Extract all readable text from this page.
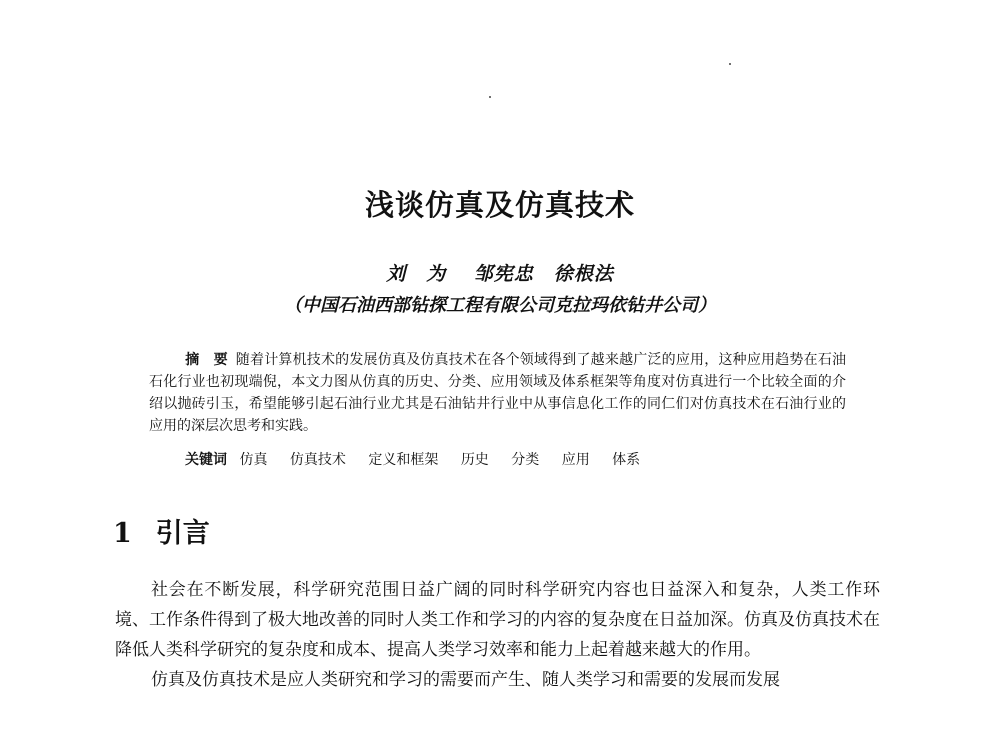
浅谈仿真及仿真技术
刘　为　 邹宪忠　徐根法
（中国石油西部钻探工程有限公司克拉玛依钻井公司）

摘　要 随着计算机技术的发展仿真及仿真技术在各个领域得到了越来越广泛的应用，这种应用趋势在石油石化行业也初现端倪，本文力图从仿真的历史、分类、应用领域及体系框架等角度对仿真进行一个比较全面的介绍以抛砖引玉，希望能够引起石油行业尤其是石油钻井行业中从事信息化工作的同仁们对仿真技术在石油行业的应用的深层次思考和实践。

关键词 仿真 仿真技术 定义和框架 历史 分类 应用 体系
1 引言

社会在不断发展，科学研究范围日益广阔的同时科学研究内容也日益深入和复杂，人类工作环境、工作条件得到了极大地改善的同时人类工作和学习的内容的复杂度在日益加深。仿真及仿真技术在降低人类科学研究的复杂度和成本、提高人类学习效率和能力上起着越来越大的作用。

仿真及仿真技术是应人类研究和学习的需要而产生、随人类学习和需要的发展而发展
